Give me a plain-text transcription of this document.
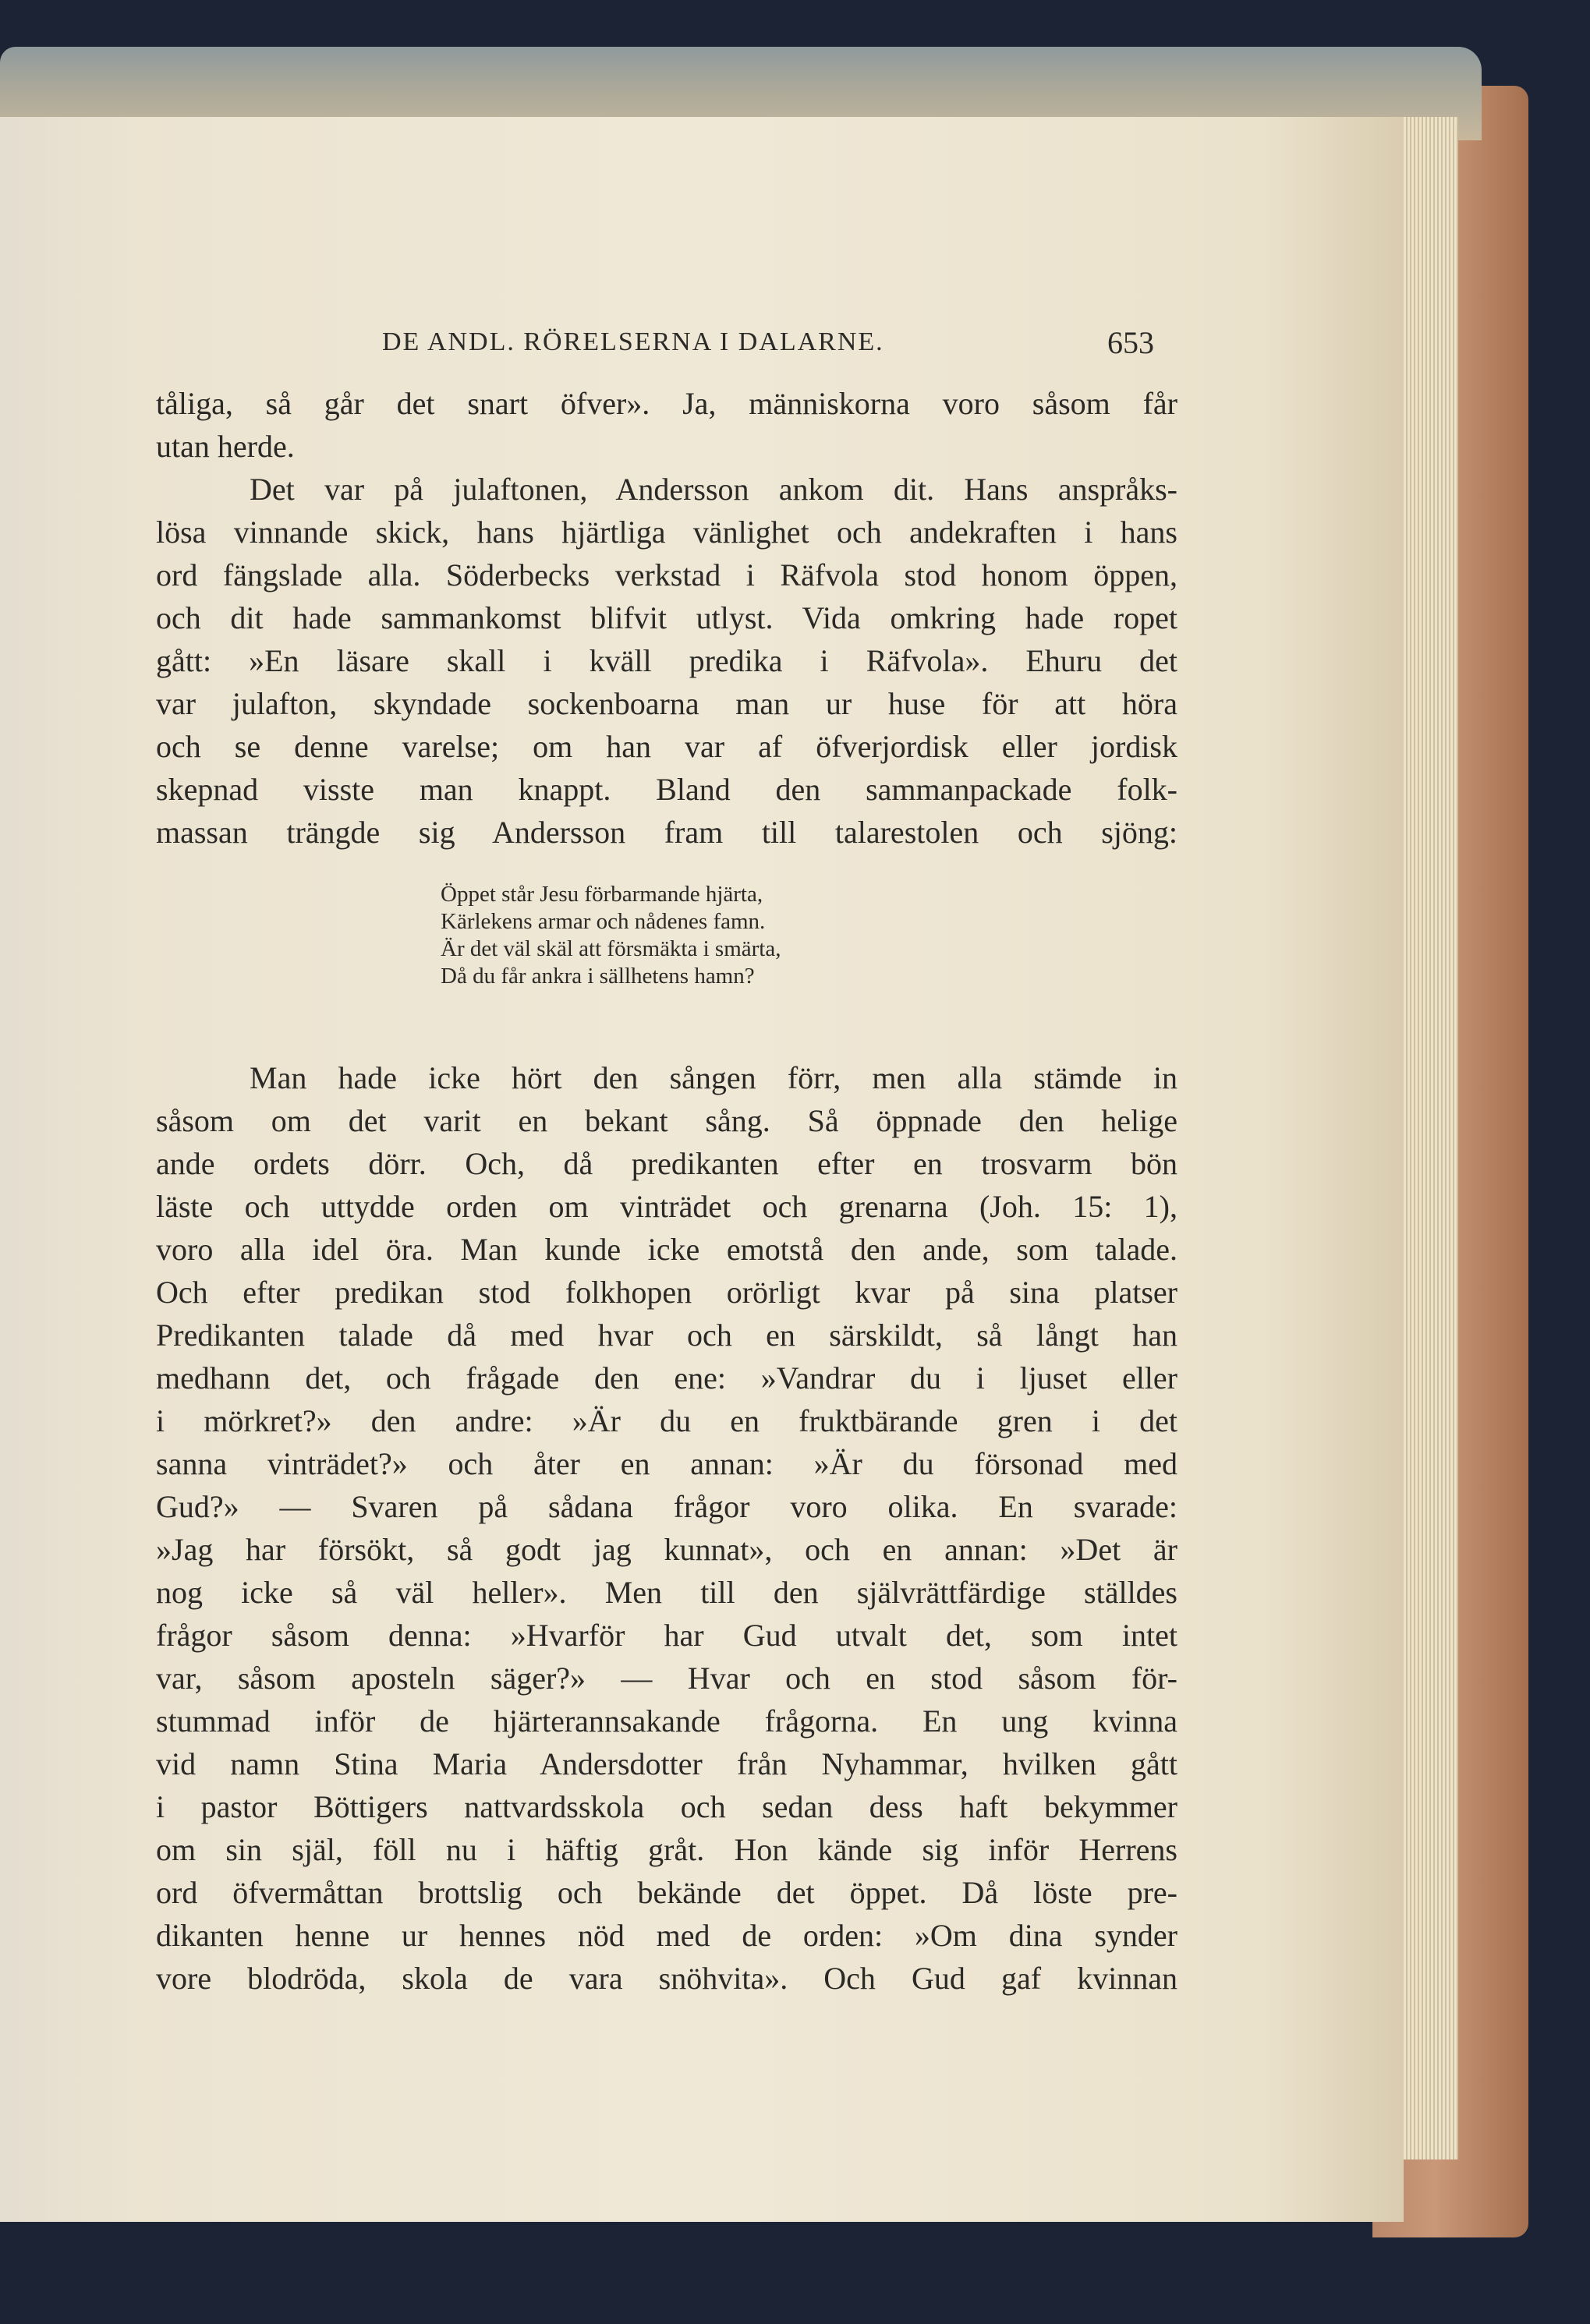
DE ANDL. RÖRELSERNA I DALARNE.	653
tåliga, så går det snart öfver». Ja, människorna voro såsom får
utan herde.
Det var på julaftonen, Andersson ankom dit. Hans anspråks-
lösa vinnande skick, hans hjärtliga vänlighet och andekraften i hans
ord fängslade alla. Söderbecks verkstad i Räfvola stod honom öppen,
och dit hade sammankomst blifvit utlyst. Vida omkring hade ropet
gått: »En läsare skall i kväll predika i Räfvola». Ehuru det
var julafton, skyndade sockenboarna man ur huse för att höra
och se denne varelse; om han var af öfverjordisk eller jordisk
skepnad visste man knappt. Bland den sammanpackade folk-
massan trängde sig Andersson fram till talarestolen och sjöng:
Öppet står Jesu förbarmande hjärta,
Kärlekens armar och nådenes famn.
Är det väl skäl att försmäkta i smärta,
Då du får ankra i sällhetens hamn?
Man hade icke hört den sången förr, men alla stämde in
såsom om det varit en bekant sång. Så öppnade den helige
ande ordets dörr. Och, då predikanten efter en trosvarm bön
läste och uttydde orden om vinträdet och grenarna (Joh. 15: 1),
voro alla idel öra. Man kunde icke emotstå den ande, som talade.
Och efter predikan stod folkhopen orörligt kvar på sina platser
Predikanten talade då med hvar och en särskildt, så långt han
medhann det, och frågade den ene: »Vandrar du i ljuset eller
i mörkret?» den andre: »Är du en fruktbärande gren i det
sanna vinträdet?» och åter en annan: »Är du försonad med
Gud?» — Svaren på sådana frågor voro olika. En svarade:
»Jag har försökt, så godt jag kunnat», och en annan: »Det är
nog icke så väl heller». Men till den självrättfärdige ställdes
frågor såsom denna: »Hvarför har Gud utvalt det, som intet
var, såsom aposteln säger?» — Hvar och en stod såsom för-
stummad inför de hjärterannsakande frågorna. En ung kvinna
vid namn Stina Maria Andersdotter från Nyhammar, hvilken gått
i pastor Böttigers nattvardsskola och sedan dess haft bekymmer
om sin själ, föll nu i häftig gråt. Hon kände sig inför Herrens
ord öfvermåttan brottslig och bekände det öppet. Då löste pre-
dikanten henne ur hennes nöd med de orden: »Om dina synder
vore blodröda, skola de vara snöhvita». Och Gud gaf kvinnan
